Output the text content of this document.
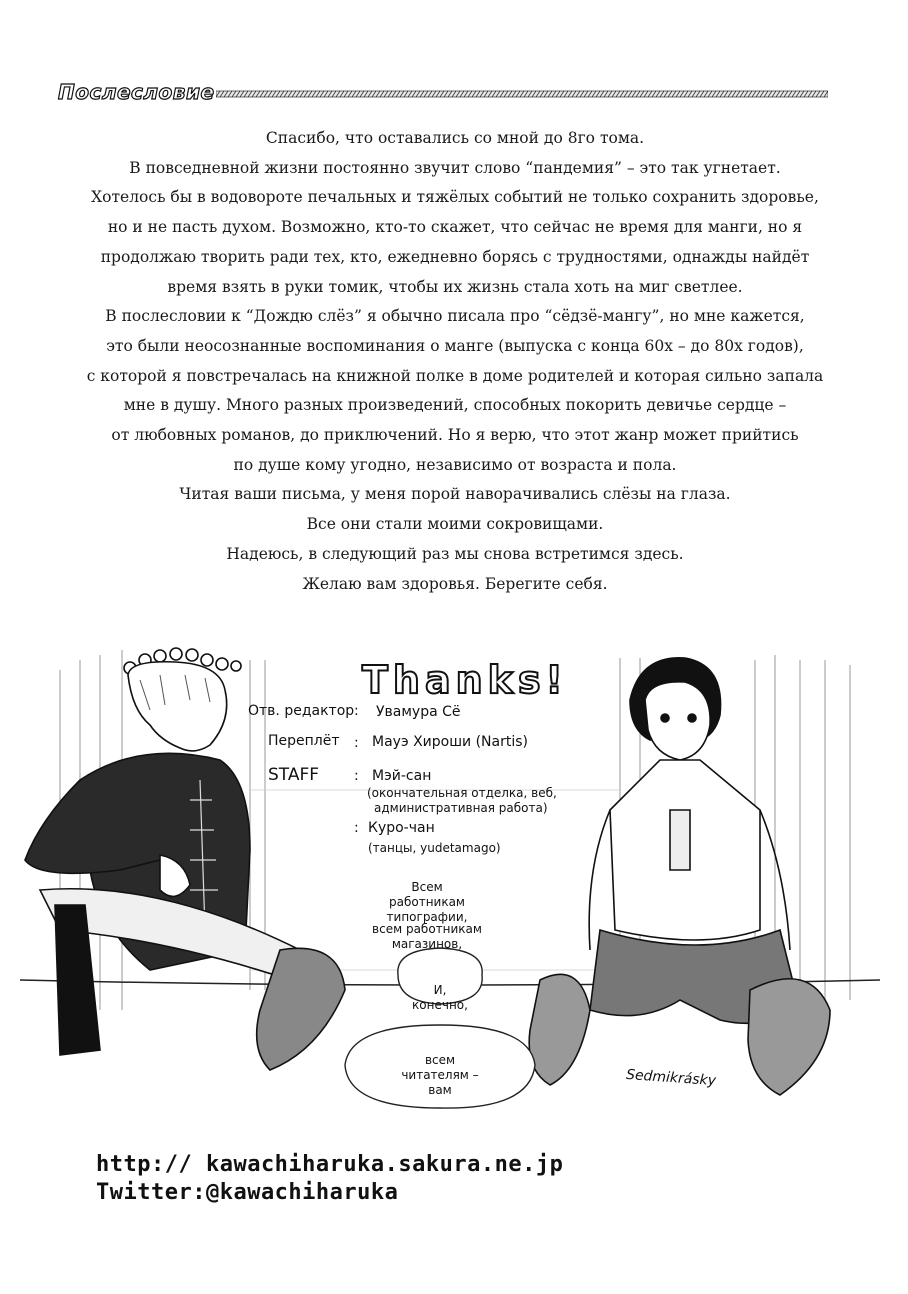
Послесловие

Спасибо, что оставались со мной до 8го тома.

В повседневной жизни постоянно звучит слово “пандемия” – это так угнетает.

Хотелось бы в водовороте печальных и тяжёлых событий не только сохранить здоровье,

но и не пасть духом. Возможно, кто-то скажет, что сейчас не время для манги, но я

продолжаю творить ради тех, кто, ежедневно борясь с трудностями, однажды найдёт

время взять в руки томик, чтобы их жизнь стала хоть на миг светлее.

В послесловии к “Дождю слёз” я обычно писала про “сёдзё-мангу”, но мне кажется,

это были неосознанные воспоминания о манге (выпуска с конца 60х – до 80х годов),

с которой я повстречалась на книжной полке в доме родителей и которая сильно запала

мне в душу. Много разных произведений, способных покорить девичье сердце –

от любовных романов, до приключений. Но я верю, что этот жанр может прийтись

по душе кому угодно, независимо от возраста и пола.

Читая ваши письма, у меня порой наворачивались слёзы на глаза.

Все они стали моими сокровищами.

Надеюсь, в следующий раз мы снова встретимся здесь.

Желаю вам здоровья. Берегите себя.

Thanks!
Отв. редактор : Увамура Сё
Переплёт : Мауэ Хироши (Nartis)
STAFF : Мэй-сан
(окончательная отделка, веб,
административная работа)
: Куро-чан
(танцы, yudetamago)
Всем работникам
типографии,
всем работникам
магазинов,
И,
конечно,
всем
читателям –
вам
Sedmikrásky
http:// kawachiharuka.sakura.ne.jp
Twitter:@kawachiharuka
